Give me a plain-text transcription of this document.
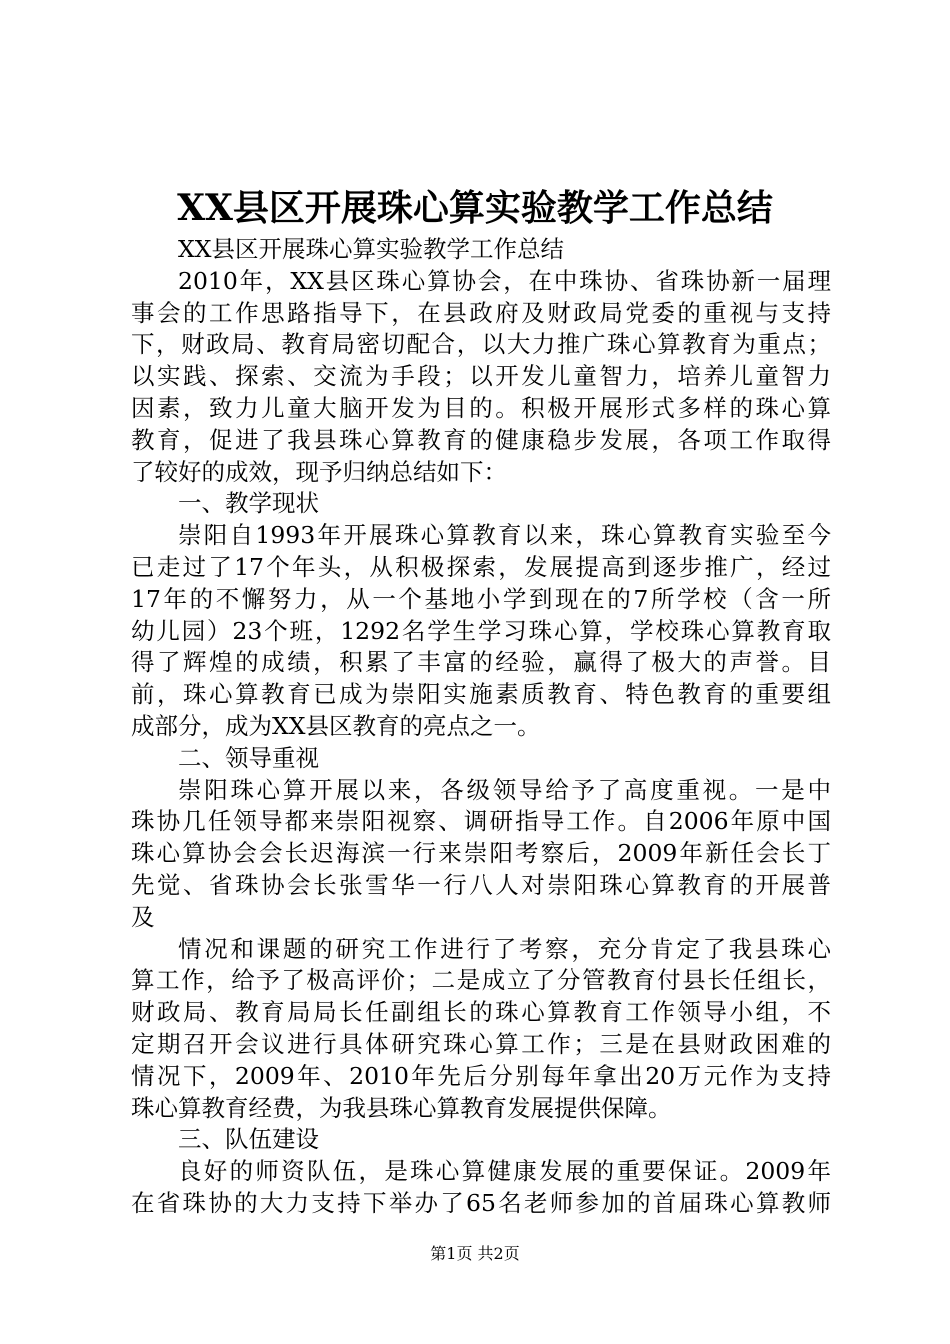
XX县区开展珠心算实验教学工作总结
XX县区开展珠心算实验教学工作总结
2010年，XX县区珠心算协会，在中珠协、省珠协新一届理
事会的工作思路指导下，在县政府及财政局党委的重视与支持
下，财政局、教育局密切配合，以大力推广珠心算教育为重点；
以实践、探索、交流为手段；以开发儿童智力，培养儿童智力
因素，致力儿童大脑开发为目的。积极开展形式多样的珠心算
教育，促进了我县珠心算教育的健康稳步发展，各项工作取得
了较好的成效，现予归纳总结如下：
一、教学现状
崇阳自1993年开展珠心算教育以来，珠心算教育实验至今
已走过了17个年头，从积极探索，发展提高到逐步推广，经过
17年的不懈努力，从一个基地小学到现在的7所学校（含一所
幼儿园）23个班，1292名学生学习珠心算，学校珠心算教育取
得了辉煌的成绩，积累了丰富的经验，赢得了极大的声誉。目
前，珠心算教育已成为崇阳实施素质教育、特色教育的重要组
成部分，成为XX县区教育的亮点之一。
二、领导重视
崇阳珠心算开展以来，各级领导给予了高度重视。一是中
珠协几任领导都来崇阳视察、调研指导工作。自2006年原中国
珠心算协会会长迟海滨一行来崇阳考察后，2009年新任会长丁
先觉、省珠协会长张雪华一行八人对崇阳珠心算教育的开展普
及
情况和课题的研究工作进行了考察，充分肯定了我县珠心
算工作，给予了极高评价；二是成立了分管教育付县长任组长，
财政局、教育局局长任副组长的珠心算教育工作领导小组，不
定期召开会议进行具体研究珠心算工作；三是在县财政困难的
情况下，2009年、2010年先后分别每年拿出20万元作为支持
珠心算教育经费，为我县珠心算教育发展提供保障。
三、队伍建设
良好的师资队伍，是珠心算健康发展的重要保证。2009年
在省珠协的大力支持下举办了65名老师参加的首届珠心算教师
第1页 共2页
